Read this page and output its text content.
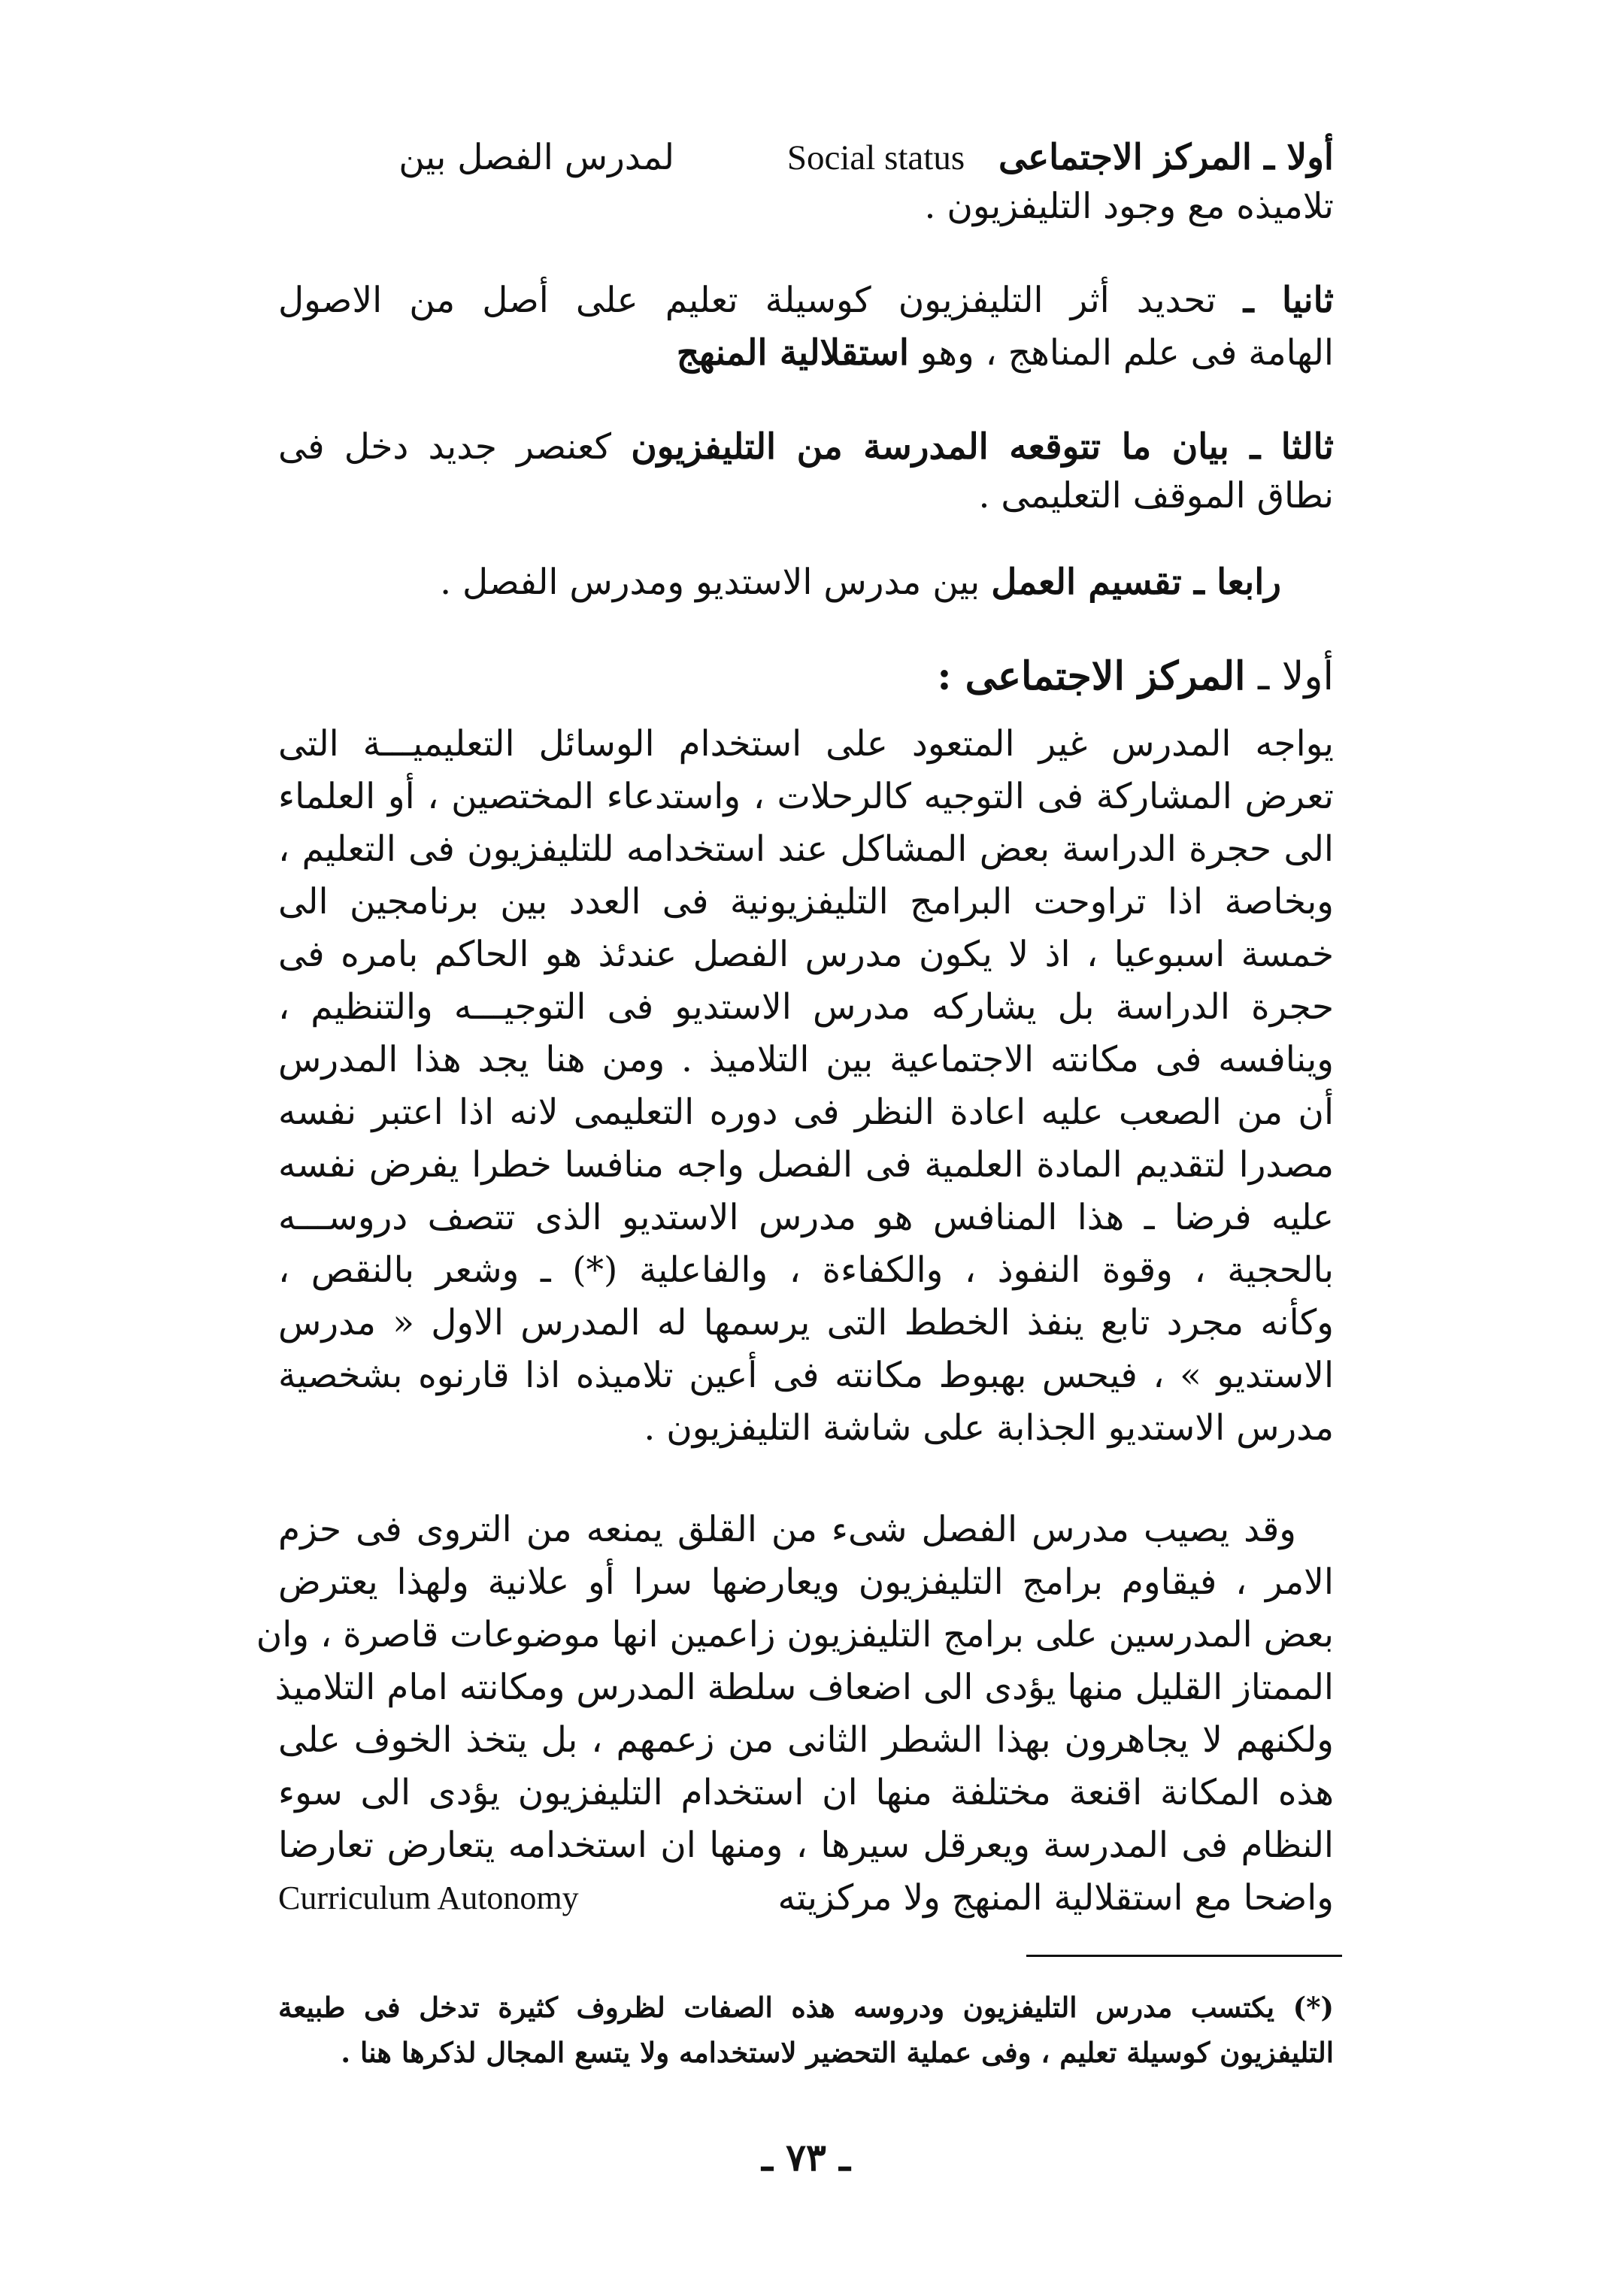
أولا ـ المركز الاجتماعى   Social status  لمدرس الفصل بين
تلاميذه مع وجود التليفزيون .
ثانيا ـ تحديد أثر التليفزيون كوسيلة تعليم على أصل من الاصول
الهامة فى علم المناهج ، وهو استقلالية المنهج
ثالثا ـ بيان ما تتوقعه المدرسة من التليفزيون كعنصر جديد دخل فى
نطاق الموقف التعليمى .
رابعا ـ تقسيم العمل بين مدرس الاستديو ومدرس الفصل .
أولا ـ المركز الاجتماعى :
يواجه المدرس غير المتعود على استخدام الوسائل التعليميـــة التى
تعرض المشاركة فى التوجيه كالرحلات ، واستدعاء المختصين ، أو العلماء
الى حجرة الدراسة بعض المشاكل عند استخدامه للتليفزيون فى التعليم ،
وبخاصة اذا تراوحت البرامج التليفزيونية فى العدد بين برنامجين الى
خمسة اسبوعيا ، اذ لا يكون مدرس الفصل عندئذ هو الحاكم بامره فى
حجرة الدراسة بل يشاركه مدرس الاستديو فى التوجيـــه والتنظيم ،
وينافسه فى مكانته الاجتماعية بين التلاميذ . ومن هنا يجد هذا المدرس
أن من الصعب عليه اعادة النظر فى دوره التعليمى لانه اذا اعتبر نفسه
مصدرا لتقديم المادة العلمية فى الفصل واجه منافسا خطرا يفرض نفسه
عليه فرضا ـ هذا المنافس هو مدرس الاستديو الذى تتصف دروســـه
بالحجية ، وقوة النفوذ ، والكفاءة ، والفاعلية (*) ـ وشعر بالنقص ،
وكأنه مجرد تابع ينفذ الخطط التى يرسمها له المدرس الاول « مدرس
الاستديو » ، فيحس بهبوط مكانته فى أعين تلاميذه اذا قارنوه بشخصية
مدرس الاستديو الجذابة على شاشة التليفزيون .
وقد يصيب مدرس الفصل شىء من القلق يمنعه من التروى فى حزم
الامر ، فيقاوم برامج التليفزيون ويعارضها سرا أو علانية ولهذا يعترض
بعض المدرسين على برامج التليفزيون زاعمين انها موضوعات قاصرة ، وان
الممتاز القليل منها يؤدى الى اضعاف سلطة المدرس ومكانته امام التلاميذ
ولكنهم لا يجاهرون بهذا الشطر الثانى من زعمهم ، بل يتخذ الخوف على
هذه المكانة اقنعة مختلفة منها ان استخدام التليفزيون يؤدى الى سوء
النظام فى المدرسة ويعرقل سيرها ، ومنها ان استخدامه يتعارض تعارضا
واضحا مع استقلالية المنهج ولا مركزيته
Curriculum Autonomy
(*) يكتسب مدرس التليفزيون ودروسه هذه الصفات لظروف كثيرة تدخل فى طبيعة
التليفزيون كوسيلة تعليم ، وفى عملية التحضير لاستخدامه ولا يتسع المجال لذكرها هنا .
ـ ٧٣ ـ
